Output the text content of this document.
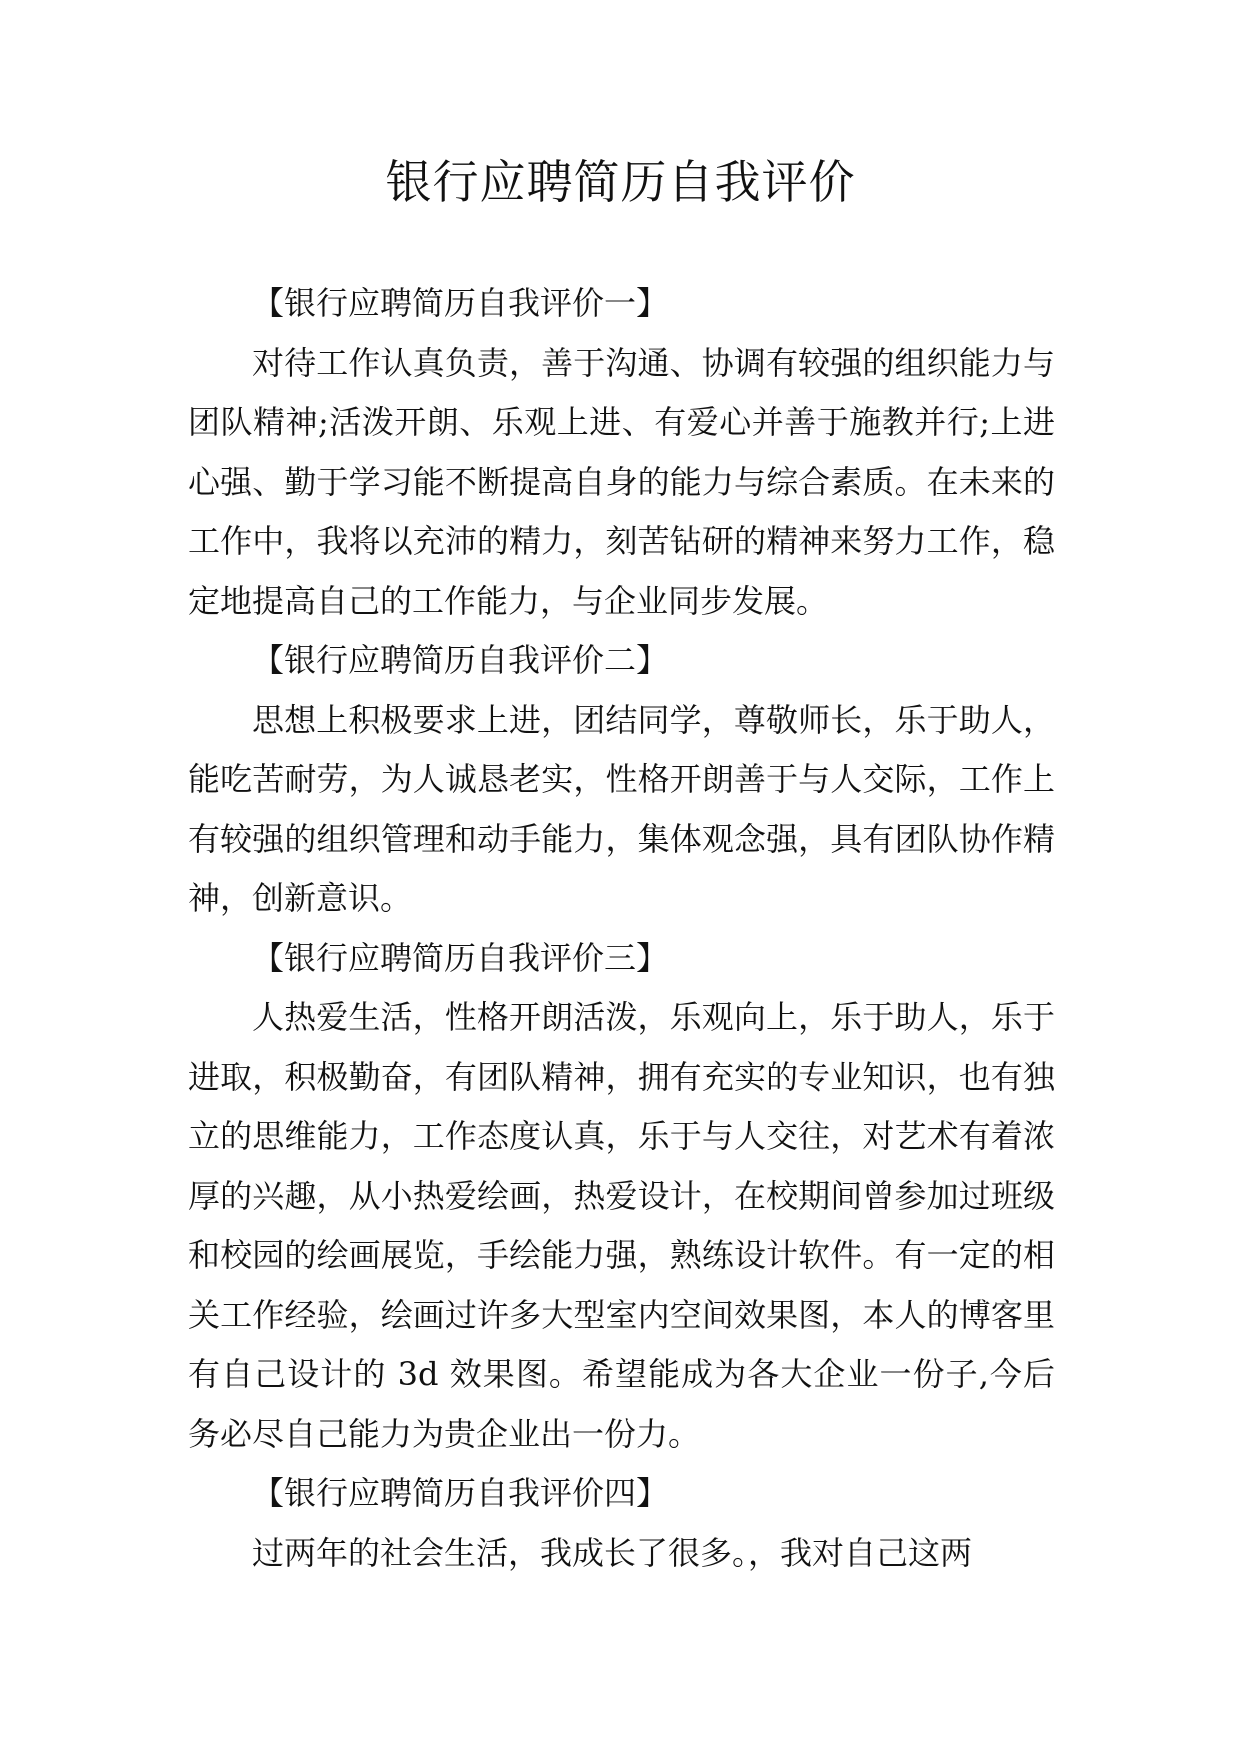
银行应聘简历自我评价

【银行应聘简历自我评价一】

对待工作认真负责，善于沟通、协调有较强的组织能力与团队精神;活泼开朗、乐观上进、有爱心并善于施教并行;上进心强、勤于学习能不断提高自身的能力与综合素质。在未来的工作中，我将以充沛的精力，刻苦钻研的精神来努力工作，稳定地提高自己的工作能力，与企业同步发展。

【银行应聘简历自我评价二】

思想上积极要求上进，团结同学，尊敬师长，乐于助人，能吃苦耐劳，为人诚恳老实，性格开朗善于与人交际，工作上有较强的组织管理和动手能力，集体观念强，具有团队协作精神，创新意识。

【银行应聘简历自我评价三】

人热爱生活，性格开朗活泼，乐观向上，乐于助人，乐于进取，积极勤奋，有团队精神，拥有充实的专业知识，也有独立的思维能力，工作态度认真，乐于与人交往，对艺术有着浓厚的兴趣，从小热爱绘画，热爱设计，在校期间曾参加过班级和校园的绘画展览，手绘能力强，熟练设计软件。有一定的相关工作经验，绘画过许多大型室内空间效果图，本人的博客里有自己设计的 3d 效果图。希望能成为各大企业一份子,今后务必尽自己能力为贵企业出一份力。

【银行应聘简历自我评价四】

过两年的社会生活，我成长了很多。，我对自己这两
